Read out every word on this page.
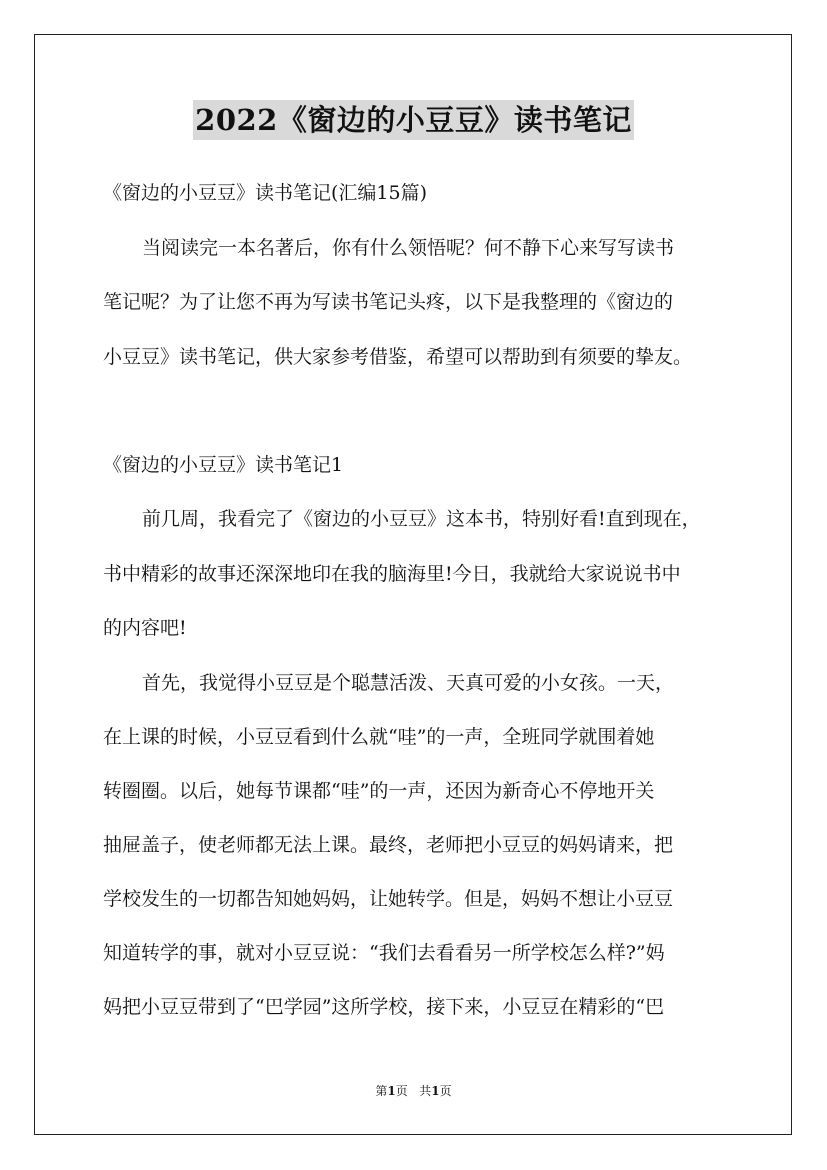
2022《窗边的小豆豆》读书笔记
《窗边的小豆豆》读书笔记(汇编15篇)
当阅读完一本名著后，你有什么领悟呢？何不静下心来写写读书
笔记呢？为了让您不再为写读书笔记头疼，以下是我整理的《窗边的
小豆豆》读书笔记，供大家参考借鉴，希望可以帮助到有须要的挚友。
《窗边的小豆豆》读书笔记1
前几周，我看完了《窗边的小豆豆》这本书，特别好看!直到现在，
书中精彩的故事还深深地印在我的脑海里!今日，我就给大家说说书中
的内容吧!
首先，我觉得小豆豆是个聪慧活泼、天真可爱的小女孩。一天，
在上课的时候，小豆豆看到什么就“哇”的一声，全班同学就围着她
转圈圈。以后，她每节课都“哇”的一声，还因为新奇心不停地开关
抽屉盖子，使老师都无法上课。最终，老师把小豆豆的妈妈请来，把
学校发生的一切都告知她妈妈，让她转学。但是，妈妈不想让小豆豆
知道转学的事，就对小豆豆说：“我们去看看另一所学校怎么样?”妈
妈把小豆豆带到了“巴学园”这所学校，接下来，小豆豆在精彩的“巴
第1页 共1页
